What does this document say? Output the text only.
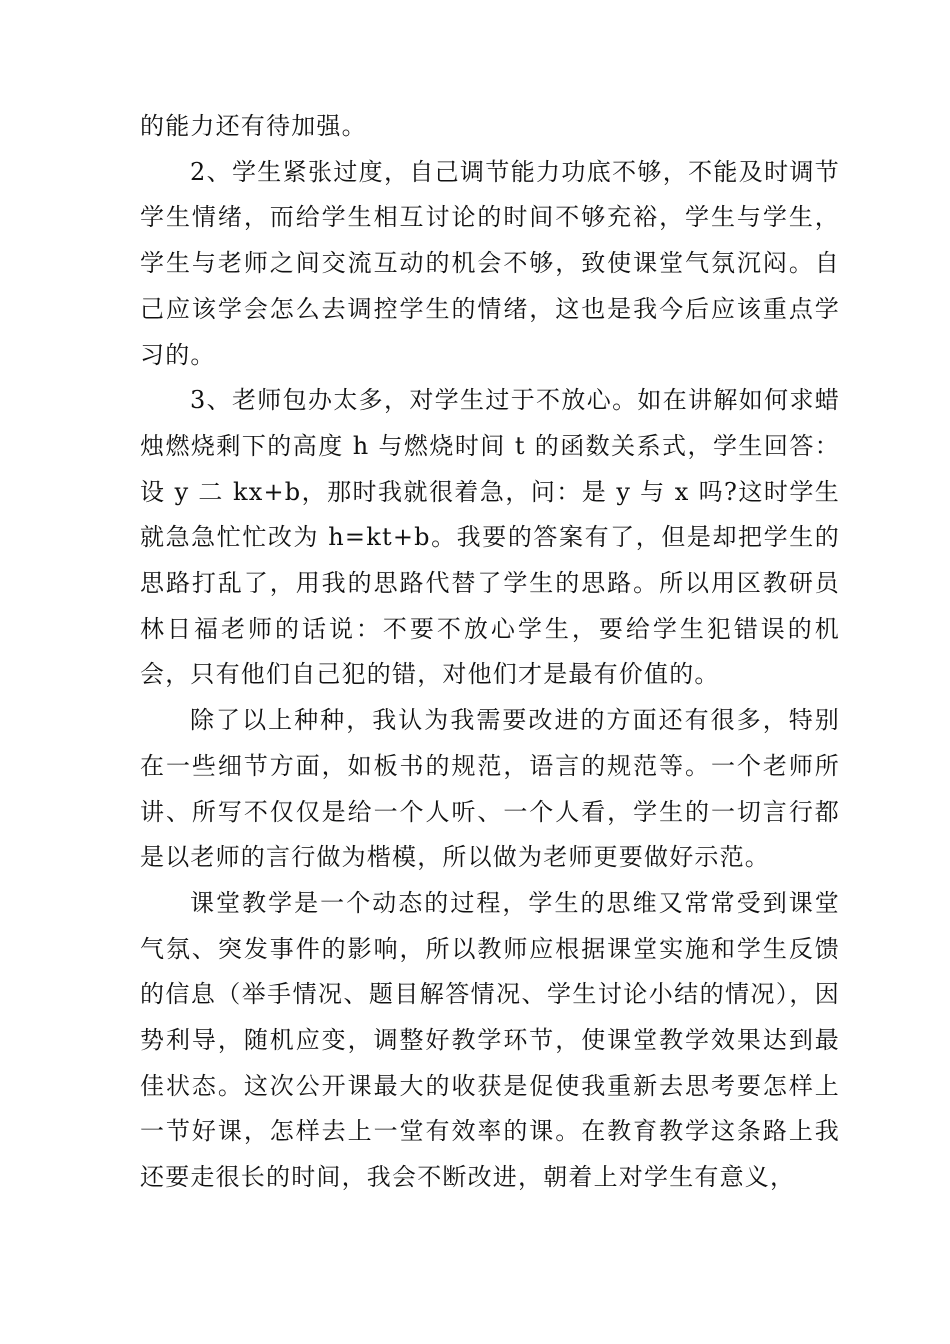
的能力还有待加强。

2、学生紧张过度，自己调节能力功底不够，不能及时调节学生情绪，而给学生相互讨论的时间不够充裕，学生与学生，学生与老师之间交流互动的机会不够，致使课堂气氛沉闷。自己应该学会怎么去调控学生的情绪，这也是我今后应该重点学习的。

3、老师包办太多，对学生过于不放心。如在讲解如何求蜡烛燃烧剩下的高度 h 与燃烧时间 t 的函数关系式，学生回答：设 y 二 kx+b，那时我就很着急，问：是 y 与 x 吗?这时学生就急急忙忙改为 h=kt+b。我要的答案有了，但是却把学生的思路打乱了，用我的思路代替了学生的思路。所以用区教研员林日福老师的话说：不要不放心学生，要给学生犯错误的机会，只有他们自己犯的错，对他们才是最有价值的。

除了以上种种，我认为我需要改进的方面还有很多，特别在一些细节方面，如板书的规范，语言的规范等。一个老师所讲、所写不仅仅是给一个人听、一个人看，学生的一切言行都是以老师的言行做为楷模，所以做为老师更要做好示范。

课堂教学是一个动态的过程，学生的思维又常常受到课堂气氛、突发事件的影响，所以教师应根据课堂实施和学生反馈的信息（举手情况、题目解答情况、学生讨论小结的情况），因势利导，随机应变，调整好教学环节，使课堂教学效果达到最佳状态。这次公开课最大的收获是促使我重新去思考要怎样上一节好课，怎样去上一堂有效率的课。在教育教学这条路上我还要走很长的时间，我会不断改进，朝着上对学生有意义，
